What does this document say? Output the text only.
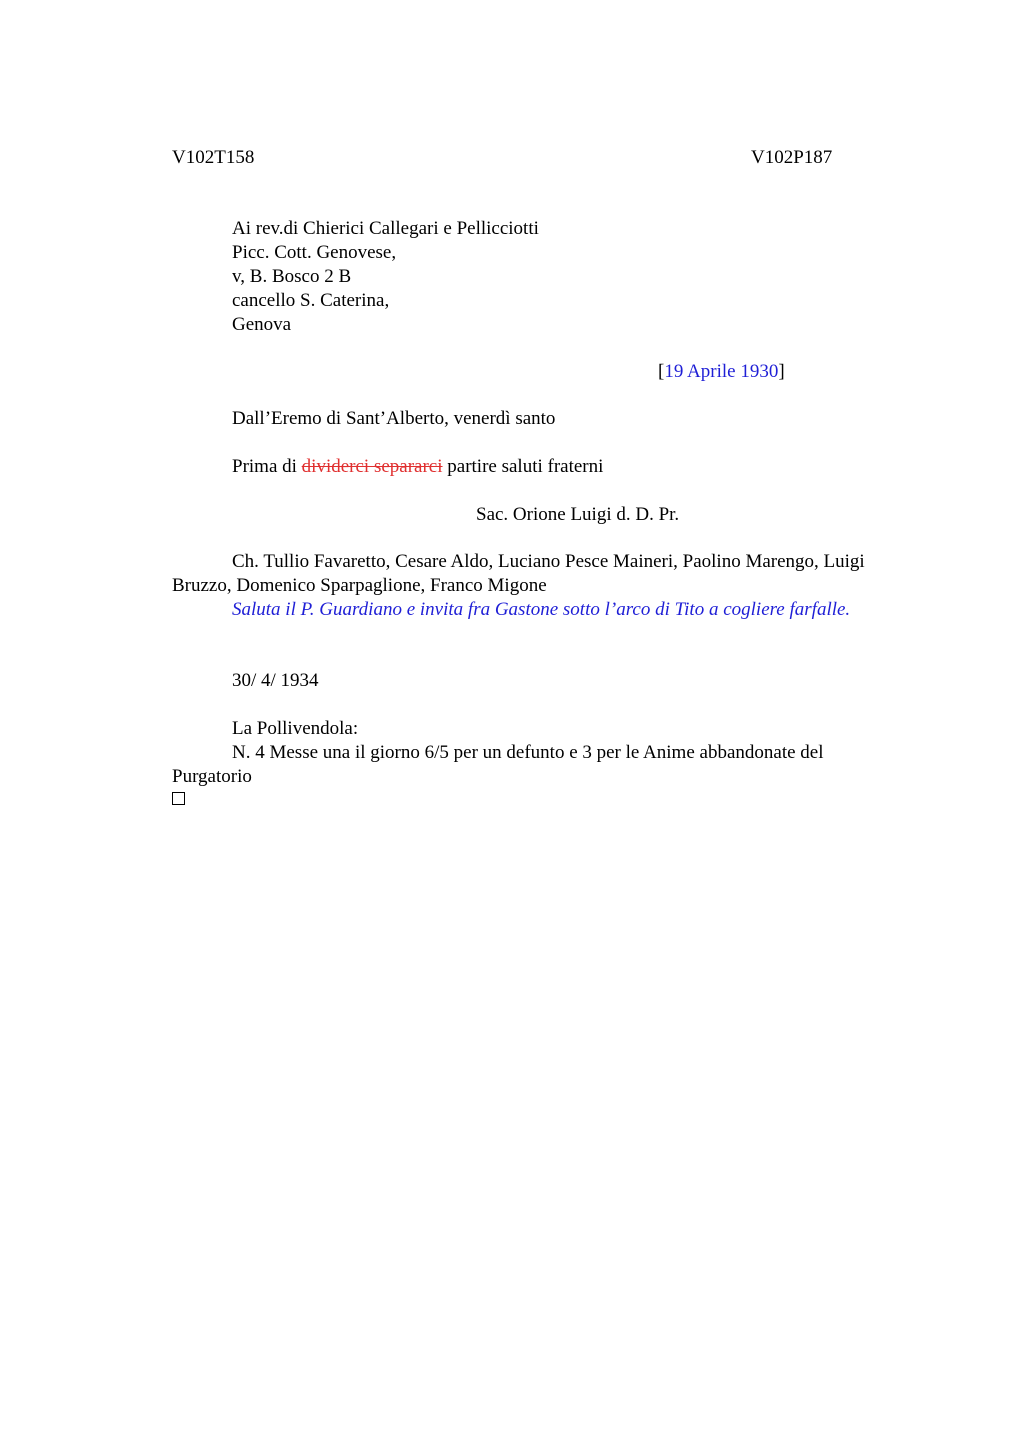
V102T158	V102P187
Ai rev.di Chierici Callegari e Pellicciotti
Picc. Cott. Genovese,
v, B. Bosco 2 B
cancello S. Caterina,
Genova
[19 Aprile 1930]
Dall’Eremo di Sant’Alberto, venerdì santo
Prima di dividerci separarci partire saluti fraterni
Sac. Orione Luigi d. D. Pr.
Ch. Tullio Favaretto, Cesare Aldo, Luciano Pesce Maineri, Paolino Marengo, Luigi
Bruzzo, Domenico Sparpaglione, Franco Migone
Saluta il P. Guardiano e invita fra Gastone sotto l’arco di Tito a cogliere farfalle.
30/ 4/ 1934
La Pollivendola:
N. 4 Messe una il giorno 6/5 per un defunto e 3 per le Anime abbandonate del
Purgatorio
